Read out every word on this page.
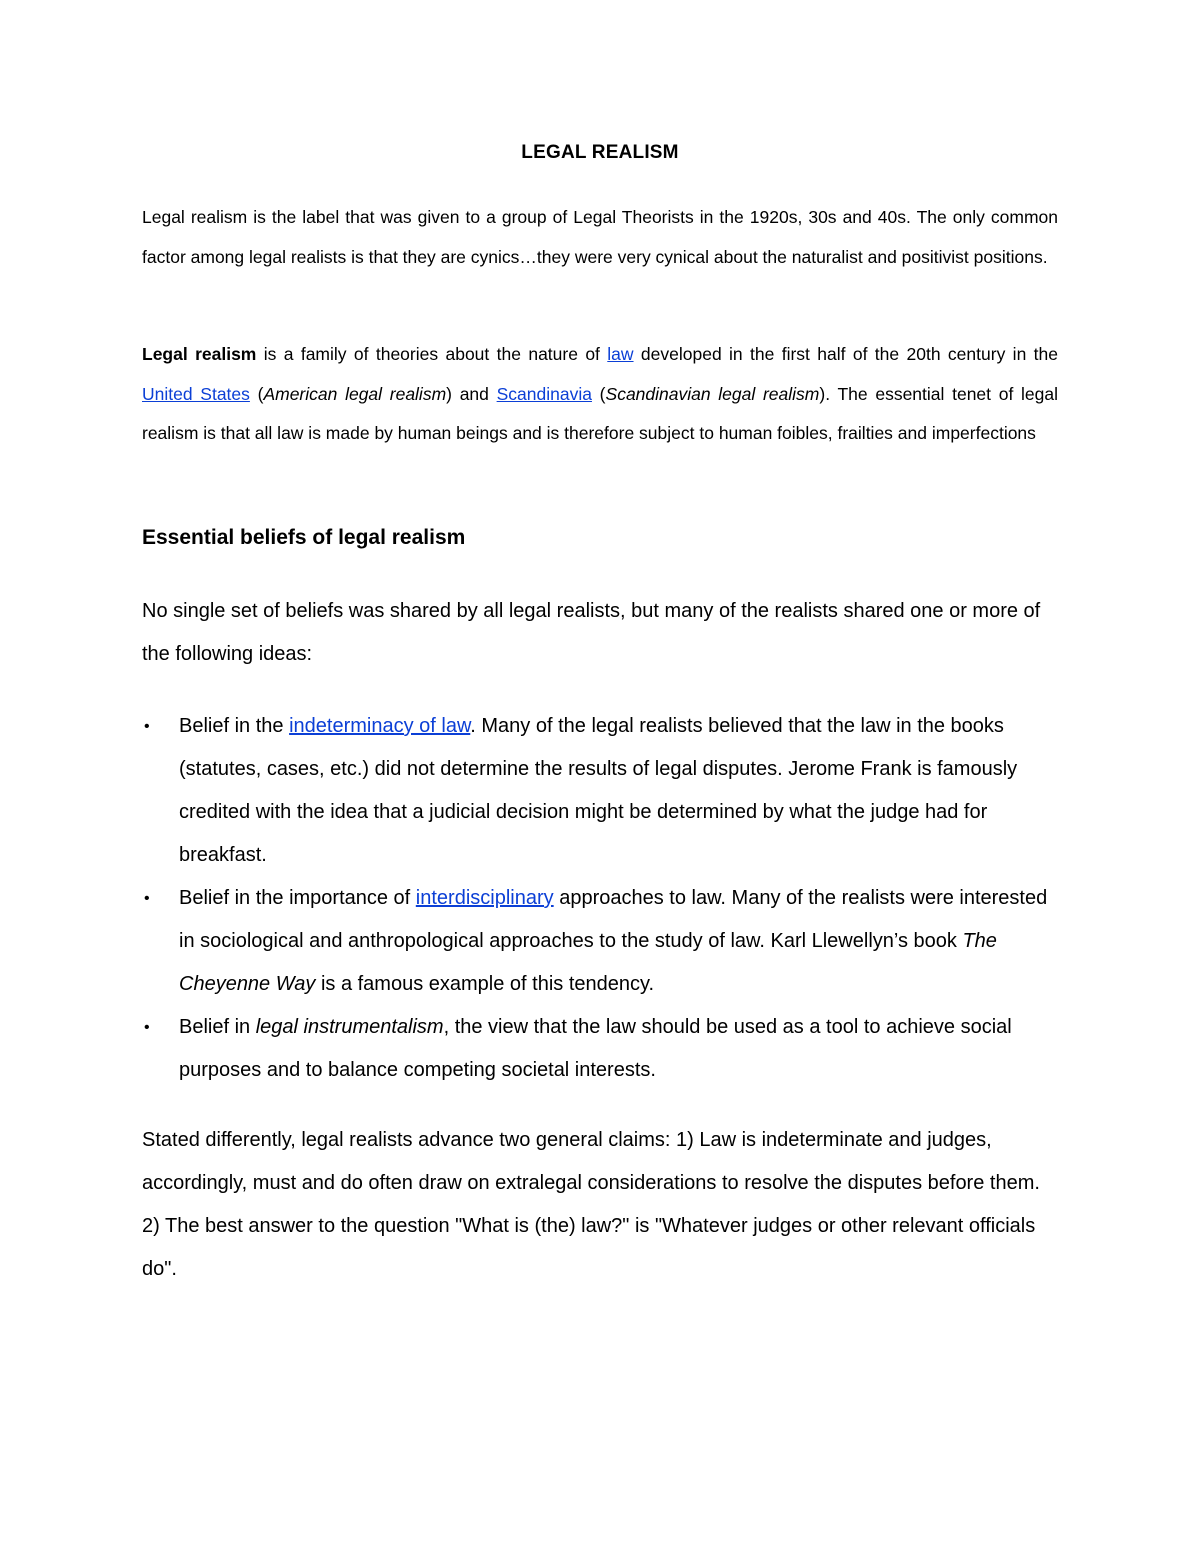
LEGAL REALISM

Legal realism is the label that was given to a group of Legal Theorists in the 1920s, 30s and 40s. The only common factor among legal realists is that they are cynics…they were very cynical about the naturalist and positivist positions.

Legal realism is a family of theories about the nature of law developed in the first half of the 20th century in the United States (American legal realism) and Scandinavia (Scandinavian legal realism). The essential tenet of legal realism is that all law is made by human beings and is therefore subject to human foibles, frailties and imperfections

Essential beliefs of legal realism

No single set of beliefs was shared by all legal realists, but many of the realists shared one or more of the following ideas:

• Belief in the indeterminacy of law. Many of the legal realists believed that the law in the books (statutes, cases, etc.) did not determine the results of legal disputes. Jerome Frank is famously credited with the idea that a judicial decision might be determined by what the judge had for breakfast.
• Belief in the importance of interdisciplinary approaches to law. Many of the realists were interested in sociological and anthropological approaches to the study of law. Karl Llewellyn’s book The Cheyenne Way is a famous example of this tendency.
• Belief in legal instrumentalism, the view that the law should be used as a tool to achieve social purposes and to balance competing societal interests.

Stated differently, legal realists advance two general claims: 1) Law is indeterminate and judges, accordingly, must and do often draw on extralegal considerations to resolve the disputes before them. 2) The best answer to the question "What is (the) law?" is "Whatever judges or other relevant officials do".
